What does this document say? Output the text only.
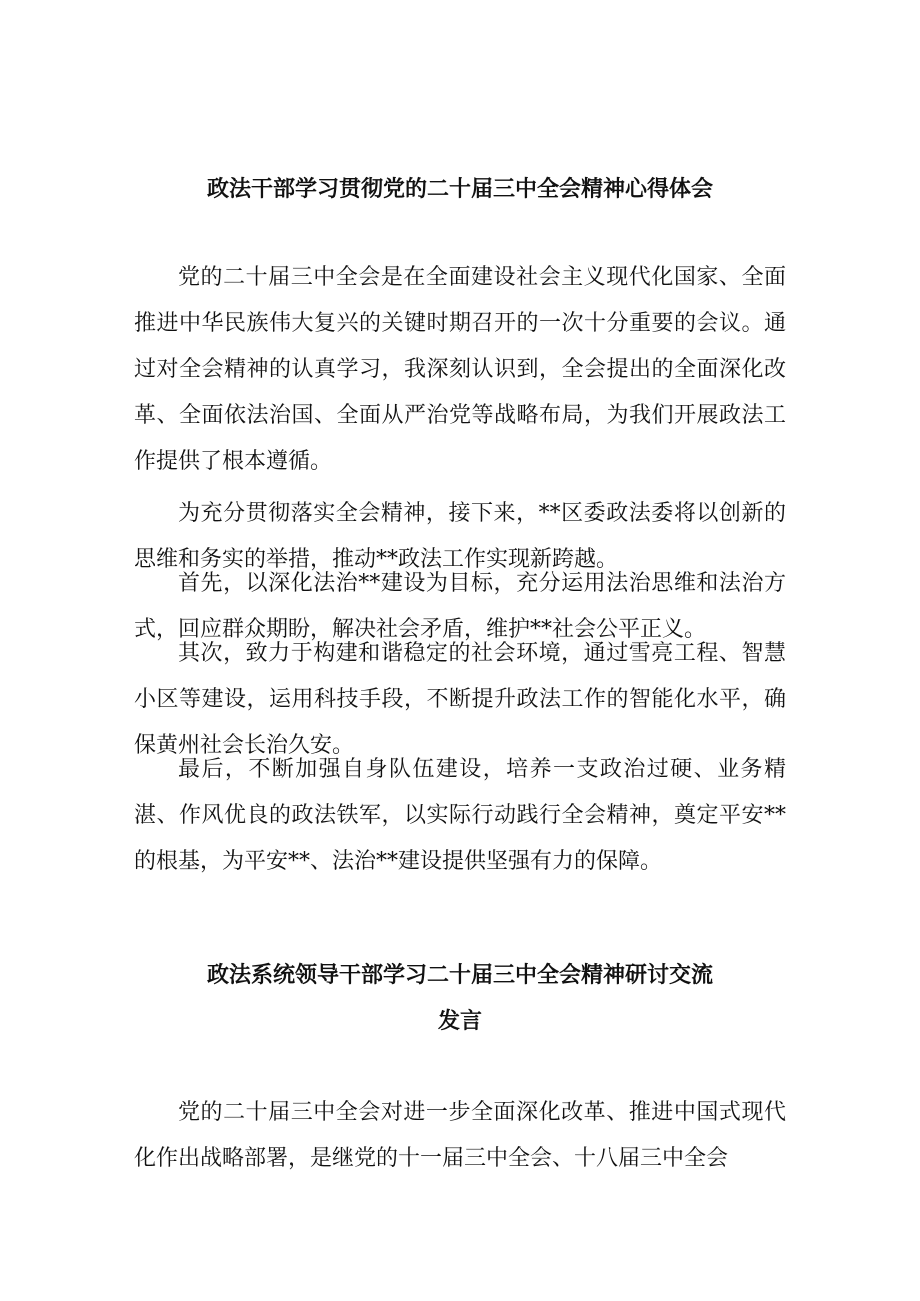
政法干部学习贯彻党的二十届三中全会精神心得体会

党的二十届三中全会是在全面建设社会主义现代化国家、全面推进中华民族伟大复兴的关键时期召开的一次十分重要的会议。通过对全会精神的认真学习，我深刻认识到，全会提出的全面深化改革、全面依法治国、全面从严治党等战略布局，为我们开展政法工作提供了根本遵循。

为充分贯彻落实全会精神，接下来，**区委政法委将以创新的思维和务实的举措，推动**政法工作实现新跨越。

首先，以深化法治**建设为目标，充分运用法治思维和法治方式，回应群众期盼，解决社会矛盾，维护**社会公平正义。

其次，致力于构建和谐稳定的社会环境，通过雪亮工程、智慧小区等建设，运用科技手段，不断提升政法工作的智能化水平，确保黄州社会长治久安。

最后，不断加强自身队伍建设，培养一支政治过硬、业务精湛、作风优良的政法铁军，以实际行动践行全会精神，奠定平安**的根基，为平安**、法治**建设提供坚强有力的保障。

政法系统领导干部学习二十届三中全会精神研讨交流
发言

党的二十届三中全会对进一步全面深化改革、推进中国式现代化作出战略部署，是继党的十一届三中全会、十八届三中全会
